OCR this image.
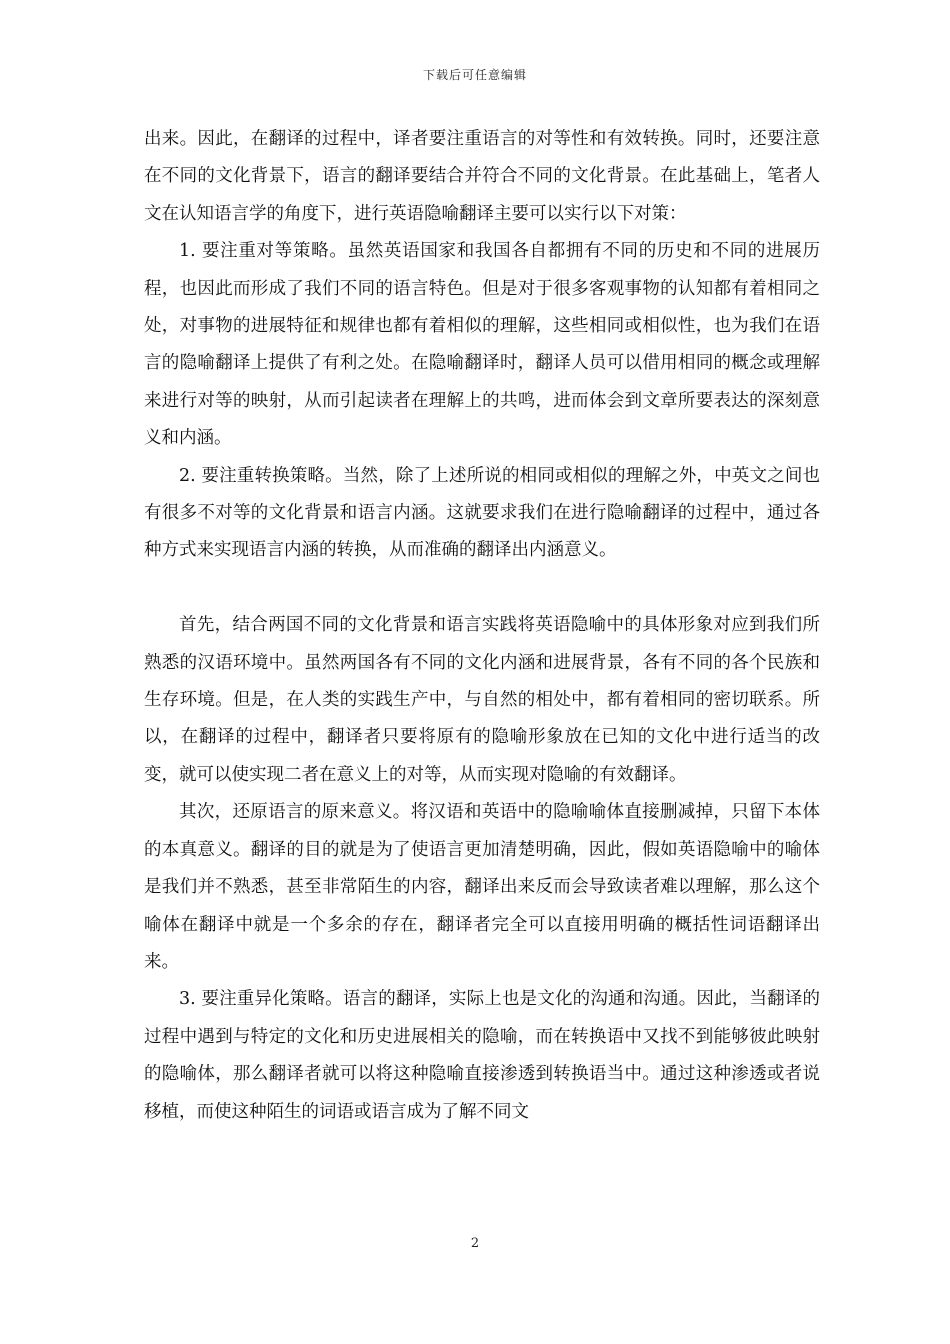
下载后可任意编辑

出来。因此，在翻译的过程中，译者要注重语言的对等性和有效转换。同时，还要注意在不同的文化背景下，语言的翻译要结合并符合不同的文化背景。在此基础上，笔者人文在认知语言学的角度下，进行英语隐喻翻译主要可以实行以下对策：

1. 要注重对等策略。虽然英语国家和我国各自都拥有不同的历史和不同的进展历程，也因此而形成了我们不同的语言特色。但是对于很多客观事物的认知都有着相同之处，对事物的进展特征和规律也都有着相似的理解，这些相同或相似性，也为我们在语言的隐喻翻译上提供了有利之处。在隐喻翻译时，翻译人员可以借用相同的概念或理解来进行对等的映射，从而引起读者在理解上的共鸣，进而体会到文章所要表达的深刻意义和内涵。

2. 要注重转换策略。当然，除了上述所说的相同或相似的理解之外，中英文之间也有很多不对等的文化背景和语言内涵。这就要求我们在进行隐喻翻译的过程中，通过各种方式来实现语言内涵的转换，从而准确的翻译出内涵意义。

首先，结合两国不同的文化背景和语言实践将英语隐喻中的具体形象对应到我们所熟悉的汉语环境中。虽然两国各有不同的文化内涵和进展背景，各有不同的各个民族和生存环境。但是，在人类的实践生产中，与自然的相处中，都有着相同的密切联系。所以，在翻译的过程中，翻译者只要将原有的隐喻形象放在已知的文化中进行适当的改变，就可以使实现二者在意义上的对等，从而实现对隐喻的有效翻译。

其次，还原语言的原来意义。将汉语和英语中的隐喻喻体直接删减掉，只留下本体的本真意义。翻译的目的就是为了使语言更加清楚明确，因此，假如英语隐喻中的喻体是我们并不熟悉，甚至非常陌生的内容，翻译出来反而会导致读者难以理解，那么这个喻体在翻译中就是一个多余的存在，翻译者完全可以直接用明确的概括性词语翻译出来。

3. 要注重异化策略。语言的翻译，实际上也是文化的沟通和沟通。因此，当翻译的过程中遇到与特定的文化和历史进展相关的隐喻，而在转换语中又找不到能够彼此映射的隐喻体，那么翻译者就可以将这种隐喻直接渗透到转换语当中。通过这种渗透或者说移植，而使这种陌生的词语或语言成为了解不同文

2
